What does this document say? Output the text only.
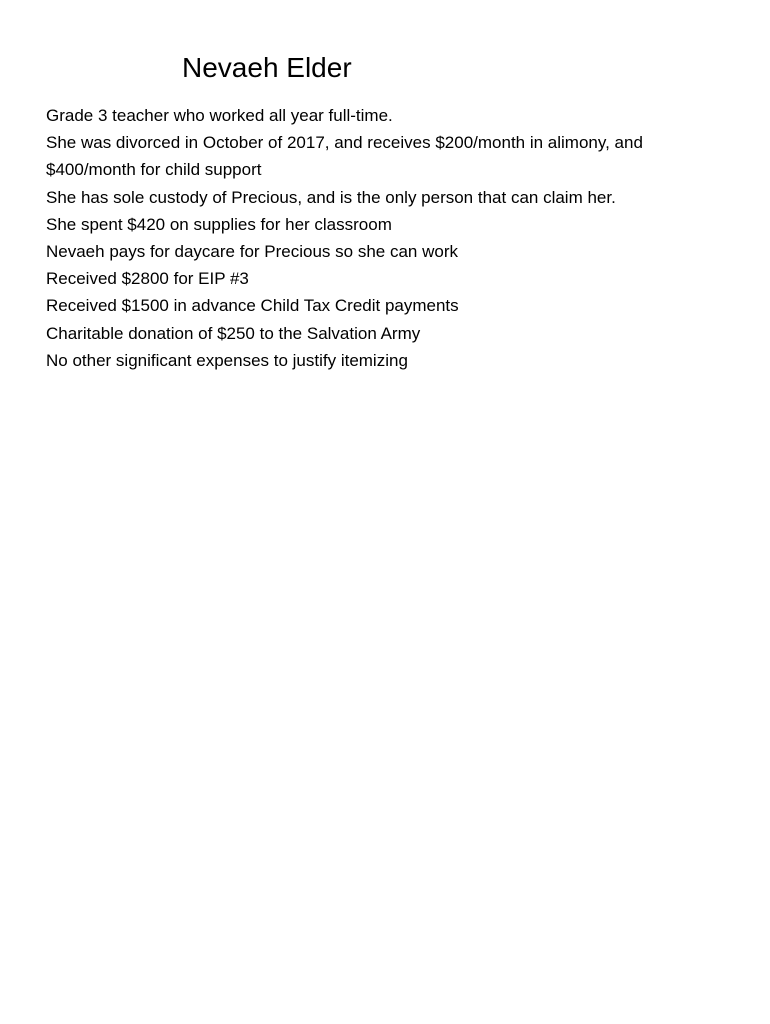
Nevaeh Elder
Grade 3 teacher who worked all year full-time.
She was divorced in October of 2017, and receives $200/month in alimony, and $400/month for child support
She has sole custody of Precious, and is the only person that can claim her.
She spent $420 on supplies for her classroom
Nevaeh pays for daycare for Precious so she can work
Received $2800 for EIP #3
Received $1500 in advance Child Tax Credit payments
Charitable donation of $250 to the Salvation Army
No other significant expenses to justify itemizing
